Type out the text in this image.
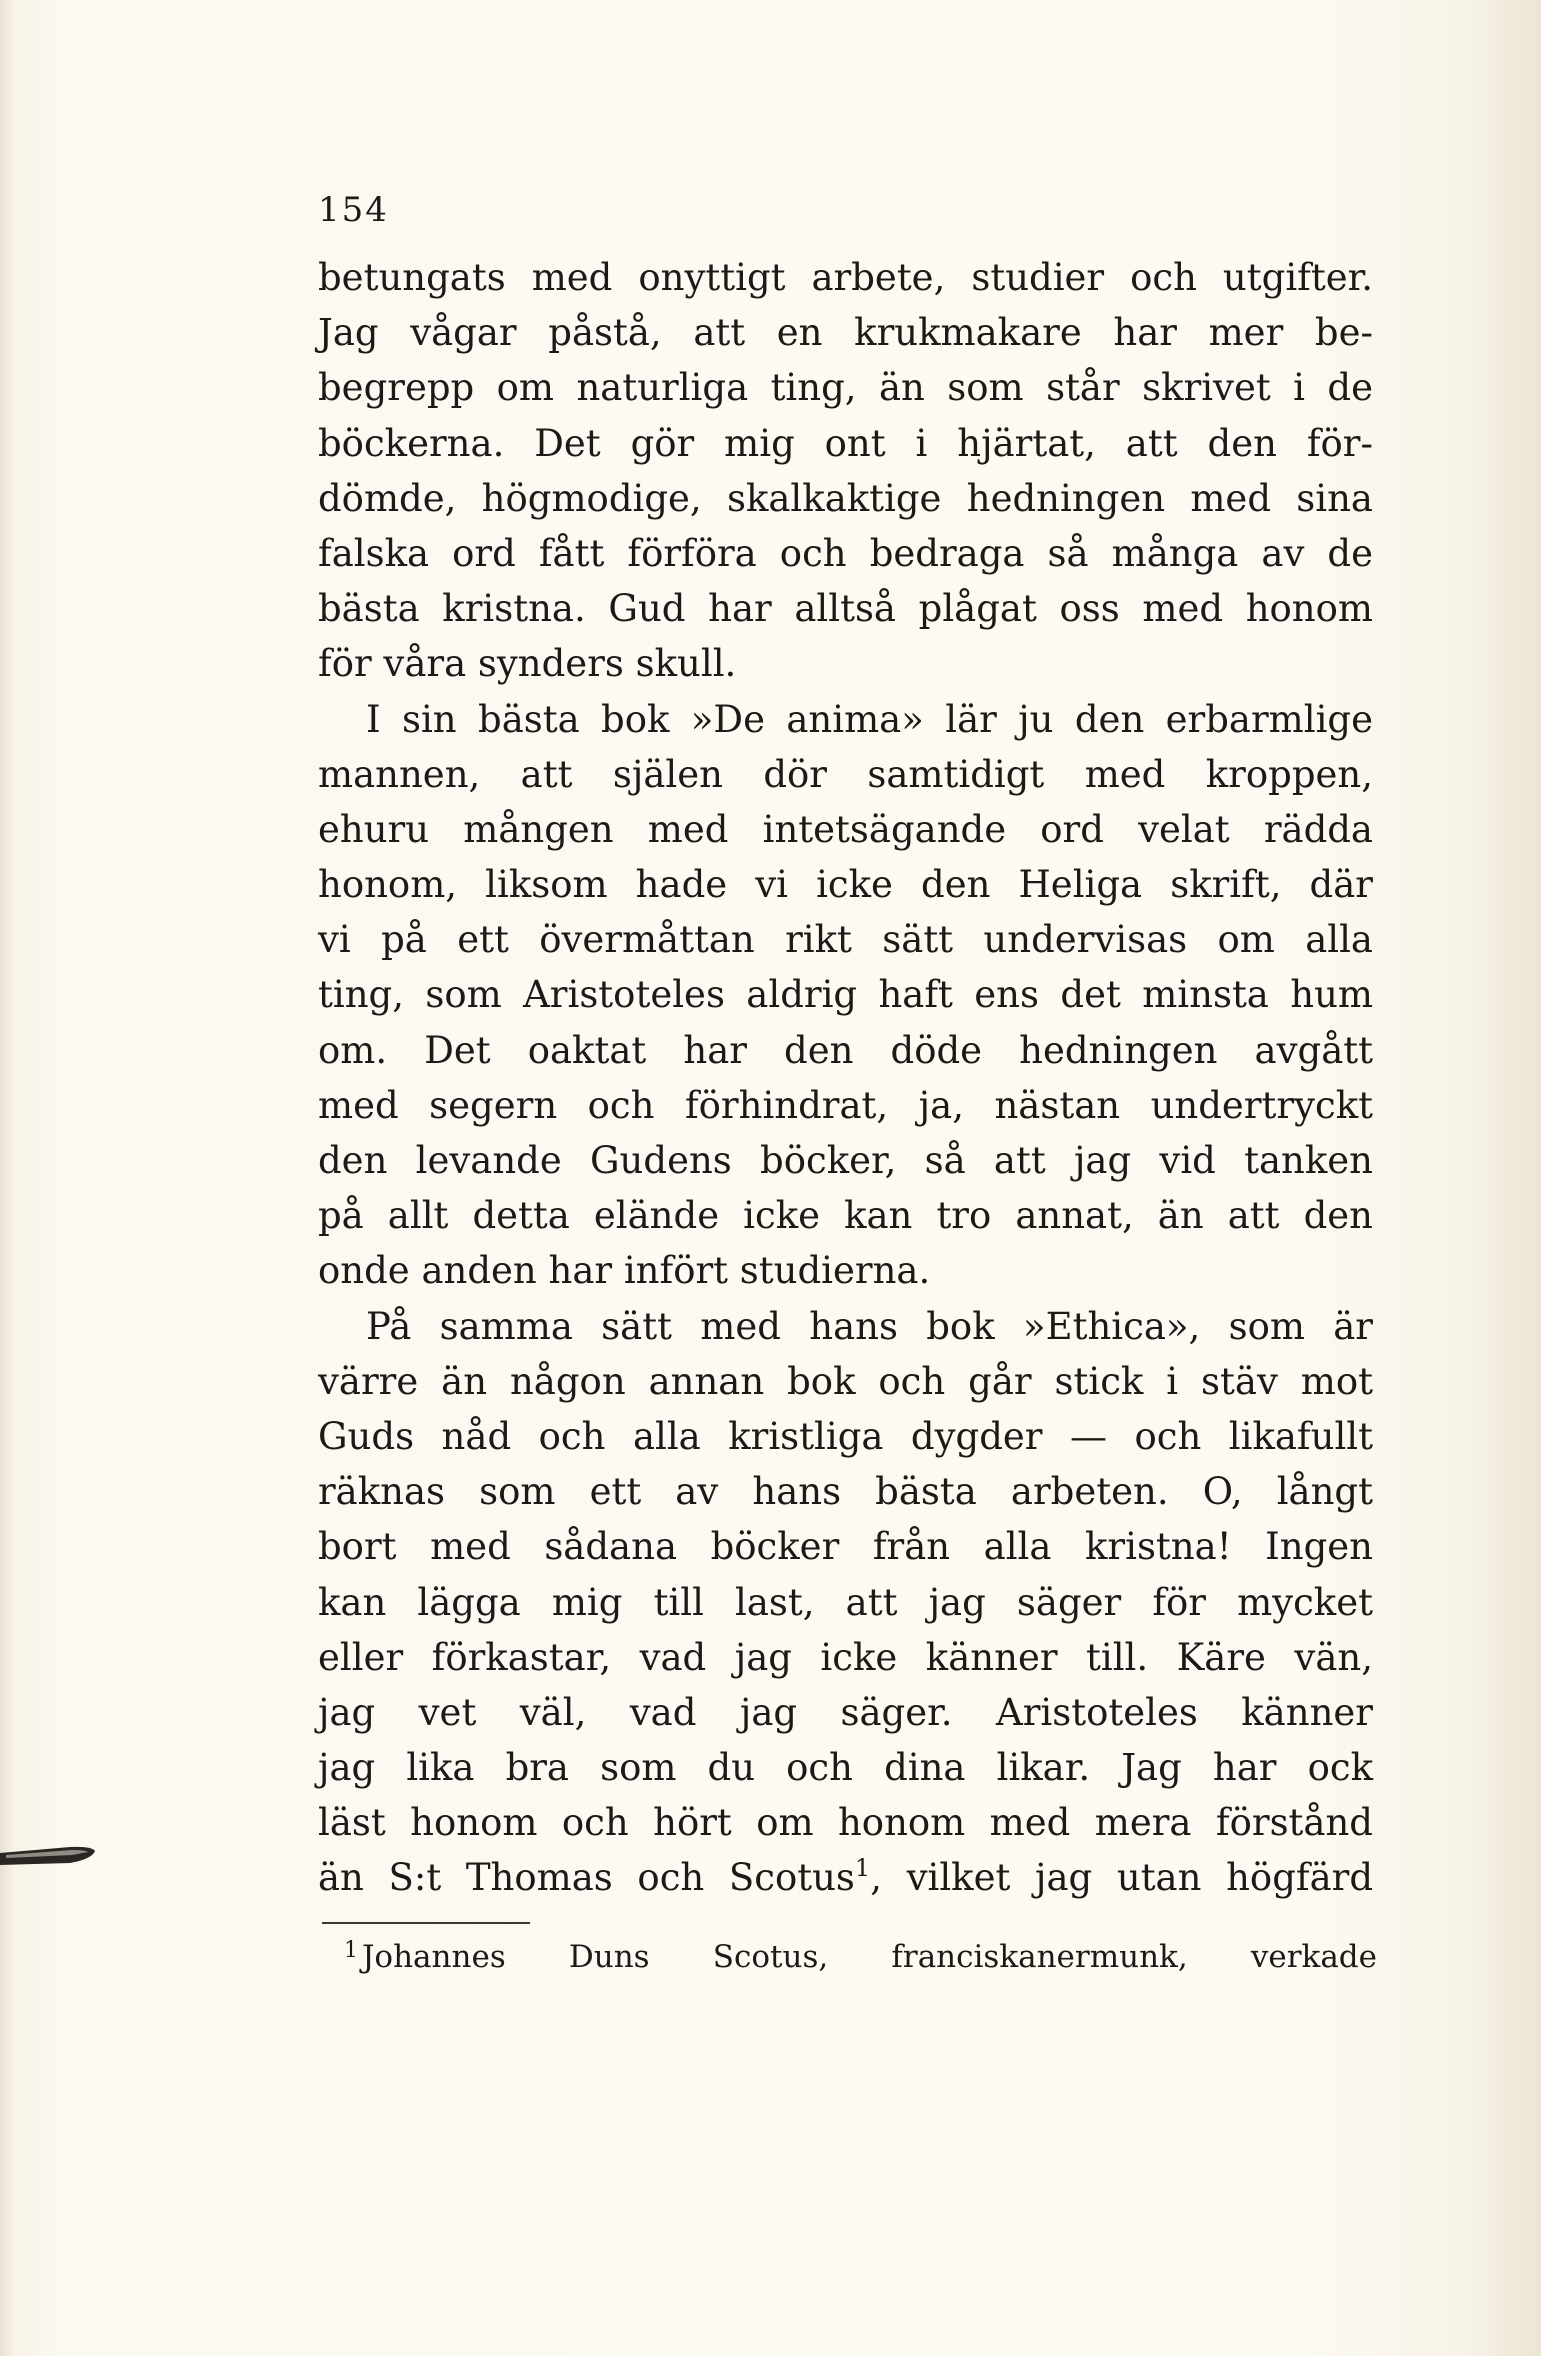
154
betungats med onyttigt arbete, studier och utgifter.
Jag vågar påstå, att en krukmakare har mer be-
begrepp om naturliga ting, än som står skrivet i de
böckerna. Det gör mig ont i hjärtat, att den för-
dömde, högmodige, skalkaktige hedningen med sina
falska ord fått förföra och bedraga så många av de
bästa kristna. Gud har alltså plågat oss med honom
för våra synders skull.
I sin bästa bok »De anima» lär ju den erbarmlige
mannen, att själen dör samtidigt med kroppen,
ehuru mången med intetsägande ord velat rädda
honom, liksom hade vi icke den Heliga skrift, där
vi på ett övermåttan rikt sätt undervisas om alla
ting, som Aristoteles aldrig haft ens det minsta hum
om. Det oaktat har den döde hedningen avgått
med segern och förhindrat, ja, nästan undertryckt
den levande Gudens böcker, så att jag vid tanken
på allt detta elände icke kan tro annat, än att den
onde anden har infört studierna.
På samma sätt med hans bok »Ethica», som är
värre än någon annan bok och går stick i stäv mot
Guds nåd och alla kristliga dygder — och likafullt
räknas som ett av hans bästa arbeten. O, långt
bort med sådana böcker från alla kristna! Ingen
kan lägga mig till last, att jag säger för mycket
eller förkastar, vad jag icke känner till. Käre vän,
jag vet väl, vad jag säger. Aristoteles känner
jag lika bra som du och dina likar. Jag har ock
läst honom och hört om honom med mera förstånd
än S:t Thomas och Scotus$^1$, vilket jag utan högfärd
1 Johannes Duns Scotus, franciskanermunk, verkade
